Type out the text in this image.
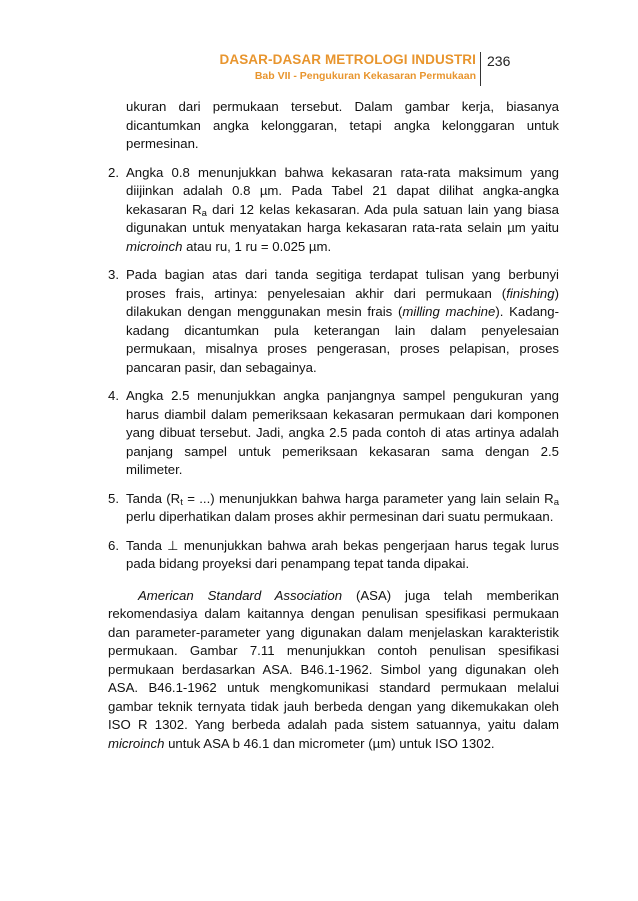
DASAR-DASAR METROLOGI INDUSTRI
Bab VII - Pengukuran Kekasaran Permukaan
236
ukuran dari permukaan tersebut. Dalam gambar kerja, biasanya dicantumkan angka kelonggaran, tetapi angka kelonggaran untuk permesinan.
2. Angka 0.8 menunjukkan bahwa kekasaran rata-rata maksimum yang diijinkan adalah 0.8 µm. Pada Tabel 21 dapat dilihat angka-angka kekasaran $R_a$ dari 12 kelas kekasaran. Ada pula satuan lain yang biasa digunakan untuk menyatakan harga kekasaran rata-rata selain µm yaitu microinch atau ru, 1 ru = 0.025 µm.
3. Pada bagian atas dari tanda segitiga terdapat tulisan yang berbunyi proses frais, artinya: penyelesaian akhir dari permukaan (finishing) dilakukan dengan menggunakan mesin frais (milling machine). Kadang-kadang dicantumkan pula keterangan lain dalam penyelesaian permukaan, misalnya proses pengerasan, proses pelapisan, proses pancaran pasir, dan sebagainya.
4. Angka 2.5 menunjukkan angka panjangnya sampel pengukuran yang harus diambil dalam pemeriksaan kekasaran permukaan dari komponen yang dibuat tersebut. Jadi, angka 2.5 pada contoh di atas artinya adalah panjang sampel untuk pemeriksaan kekasaran sama dengan 2.5 milimeter.
5. Tanda ($R_t$ = ...) menunjukkan bahwa harga parameter yang lain selain $R_a$ perlu diperhatikan dalam proses akhir permesinan dari suatu permukaan.
6. Tanda ⊥ menunjukkan bahwa arah bekas pengerjaan harus tegak lurus pada bidang proyeksi dari penampang tepat tanda dipakai.
American Standard Association (ASA) juga telah memberikan rekomendasiya dalam kaitannya dengan penulisan spesifikasi permukaan dan parameter-parameter yang digunakan dalam menjelaskan karakteristik permukaan. Gambar 7.11 menunjukkan contoh penulisan spesifikasi permukaan berdasarkan ASA. B46.1-1962. Simbol yang digunakan oleh ASA. B46.1-1962 untuk mengkomunikasi standard permukaan melalui gambar teknik ternyata tidak jauh berbeda dengan yang dikemukakan oleh ISO R 1302. Yang berbeda adalah pada sistem satuannya, yaitu dalam microinch untuk ASA b 46.1 dan micrometer (µm) untuk ISO 1302.
